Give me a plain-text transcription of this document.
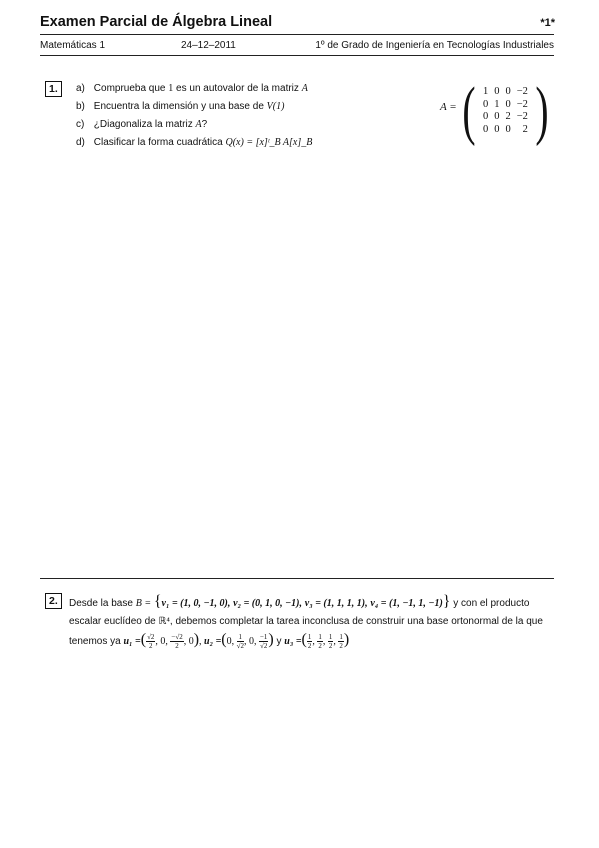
Examen Parcial de Álgebra Lineal	*1*
Matemáticas 1	24–12–2011	1º de Grado de Ingeniería en Tecnologías Industriales
1.	a) Comprueba que 1 es un autovalor de la matriz A
b) Encuentra la dimensión y una base de V(1)
c) ¿Diagonaliza la matriz A?
d) Clasificar la forma cuadrática Q(x) = [x]ᵗ_B A[x]_B
A = ( 1	0	0	−2
0	1	0	−2
0	0	2	−2
0	0	0	2 )
2.	Desde la base B = {v₁ = (1, 0, −1, 0), v₂ = (0, 1, 0, −1), v₃ = (1, 1, 1, 1), v₄ = (1, −1, 1, −1)} y con el producto escalar euclídeo de ℝ⁴, debemos completar la tarea inconclusa de construir una base ortonormal de la que tenemos ya u₁ =( $\frac{√2}{2}$ , 0, $\frac{-√2}{2}$ , 0), u₂ =(0, $\frac{1}{√2}$ , 0, $\frac{-1}{√2}$ ) y u₃ =( $\frac{1}{2}$ , $\frac{1}{2}$ , $\frac{1}{2}$ , $\frac{1}{2}$ )
